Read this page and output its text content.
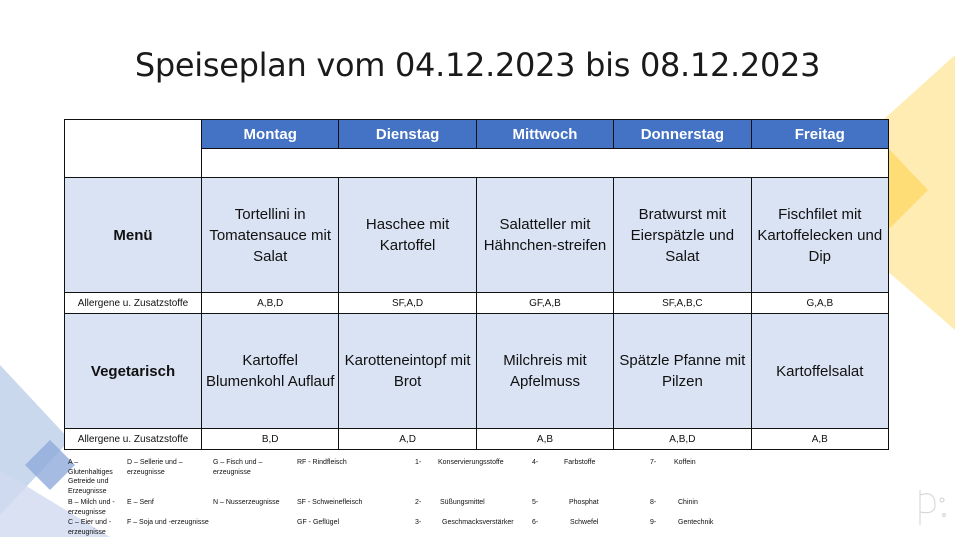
Speiseplan vom 04.12.2023 bis 08.12.2023
	Montag	Dienstag	Mittwoch	Donnerstag	Freitag

Menü	Tortellini in Tomatensauce mit Salat	Haschee mit Kartoffel	Salatteller mit Hähnchen-streifen	Bratwurst mit Eierspätzle und Salat	Fischfilet mit Kartoffelecken und Dip
Allergene u. Zusatzstoffe	A,B,D	SF,A,D	GF,A,B	SF,A,B,C	G,A,B
Vegetarisch	Kartoffel Blumenkohl Auflauf	Karotteneintopf mit Brot	Milchreis mit Apfelmuss	Spätzle Pfanne mit Pilzen	Kartoffelsalat
Allergene u. Zusatzstoffe	B,D	A,D	A,B	A,B,D	A,B
A – Glutenhaltiges Getreide und Erzeugnisse
B – Milch und -erzeugnisse
C – Eier und -erzeugnisse
D – Sellerie und –erzeugnisse
E – Senf
F – Soja und -erzeugnisse
G – Fisch und –erzeugnisse
N – Nusserzeugnisse
RF - Rindfleisch
SF - Schweinefleisch
GF - Geflügel
1- Konservierungsstoffe
2-	Süßungsmittel
3-	Geschmacksverstärker
4-	Farbstoffe
5-	Phosphat
6-	Schwefel
7-	Koffein
8-	Chinin
9-	Gentechnik
